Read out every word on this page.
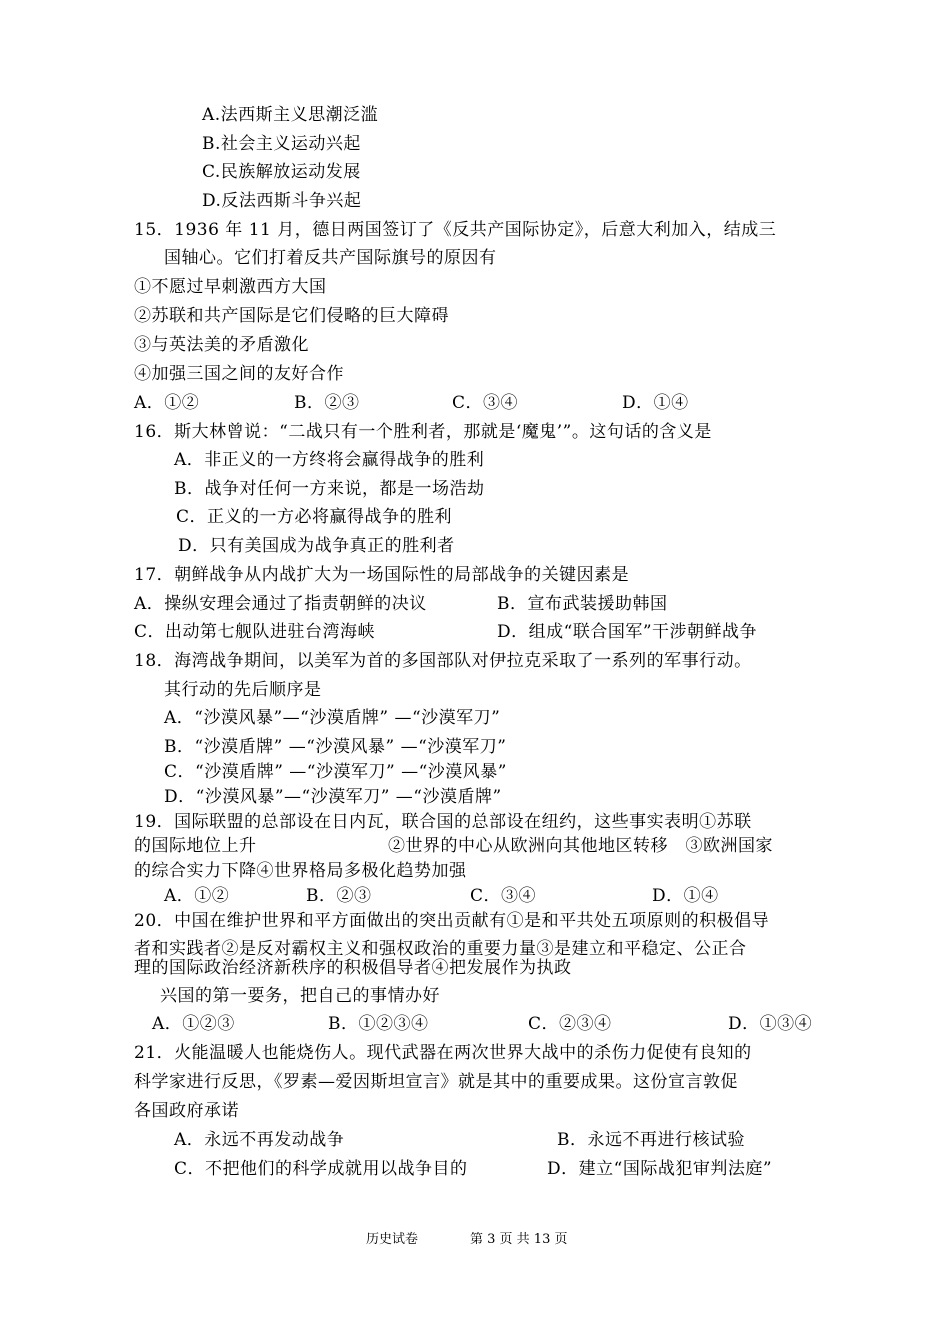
A.法西斯主义思潮泛滥
B.社会主义运动兴起
C.民族解放运动发展
D.反法西斯斗争兴起
15．1936 年 11 月，德日两国签订了《反共产国际协定》，后意大利加入，结成三
国轴心。它们打着反共产国际旗号的原因有
①不愿过早刺激西方大国
②苏联和共产国际是它们侵略的巨大障碍
③与英法美的矛盾激化
④加强三国之间的友好合作
A．①②	B．②③	C．③④	D．①④
16．斯大林曾说：“二战只有一个胜利者，那就是‘魔鬼’”。这句话的含义是
A．非正义的一方终将会赢得战争的胜利
B．战争对任何一方来说，都是一场浩劫
C．正义的一方必将赢得战争的胜利
D．只有美国成为战争真正的胜利者
17．朝鲜战争从内战扩大为一场国际性的局部战争的关键因素是
A．操纵安理会通过了指责朝鲜的决议	B．宣布武装援助韩国
C．出动第七舰队进驻台湾海峡	D．组成“联合国军”干涉朝鲜战争
18．海湾战争期间，以美军为首的多国部队对伊拉克采取了一系列的军事行动。
其行动的先后顺序是
A．“沙漠风暴”—“沙漠盾牌” —“沙漠军刀”
B．“沙漠盾牌” —“沙漠风暴” —“沙漠军刀”
C．“沙漠盾牌” —“沙漠军刀” —“沙漠风暴”
D．“沙漠风暴”—“沙漠军刀” —“沙漠盾牌”
19．国际联盟的总部设在日内瓦，联合国的总部设在纽约，这些事实表明①苏联
的国际地位上升	②世界的中心从欧洲向其他地区转移　③欧洲国家
的综合实力下降④世界格局多极化趋势加强
A．①②	B．②③	C．③④	D．①④
20．中国在维护世界和平方面做出的突出贡献有①是和平共处五项原则的积极倡导
者和实践者②是反对霸权主义和强权政治的重要力量③是建立和平稳定、公正合
理的国际政治经济新秩序的积极倡导者④把发展作为执政
兴国的第一要务，把自己的事情办好
A．①②③	B．①②③④	C．②③④	D．①③④
21．火能温暖人也能烧伤人。现代武器在两次世界大战中的杀伤力促使有良知的
科学家进行反思，《罗素—爱因斯坦宣言》就是其中的重要成果。这份宣言敦促
各国政府承诺
A．永远不再发动战争	B．永远不再进行核试验
C．不把他们的科学成就用以战争目的	D．建立“国际战犯审判法庭”
历史试卷	第 3 页 共 13 页
